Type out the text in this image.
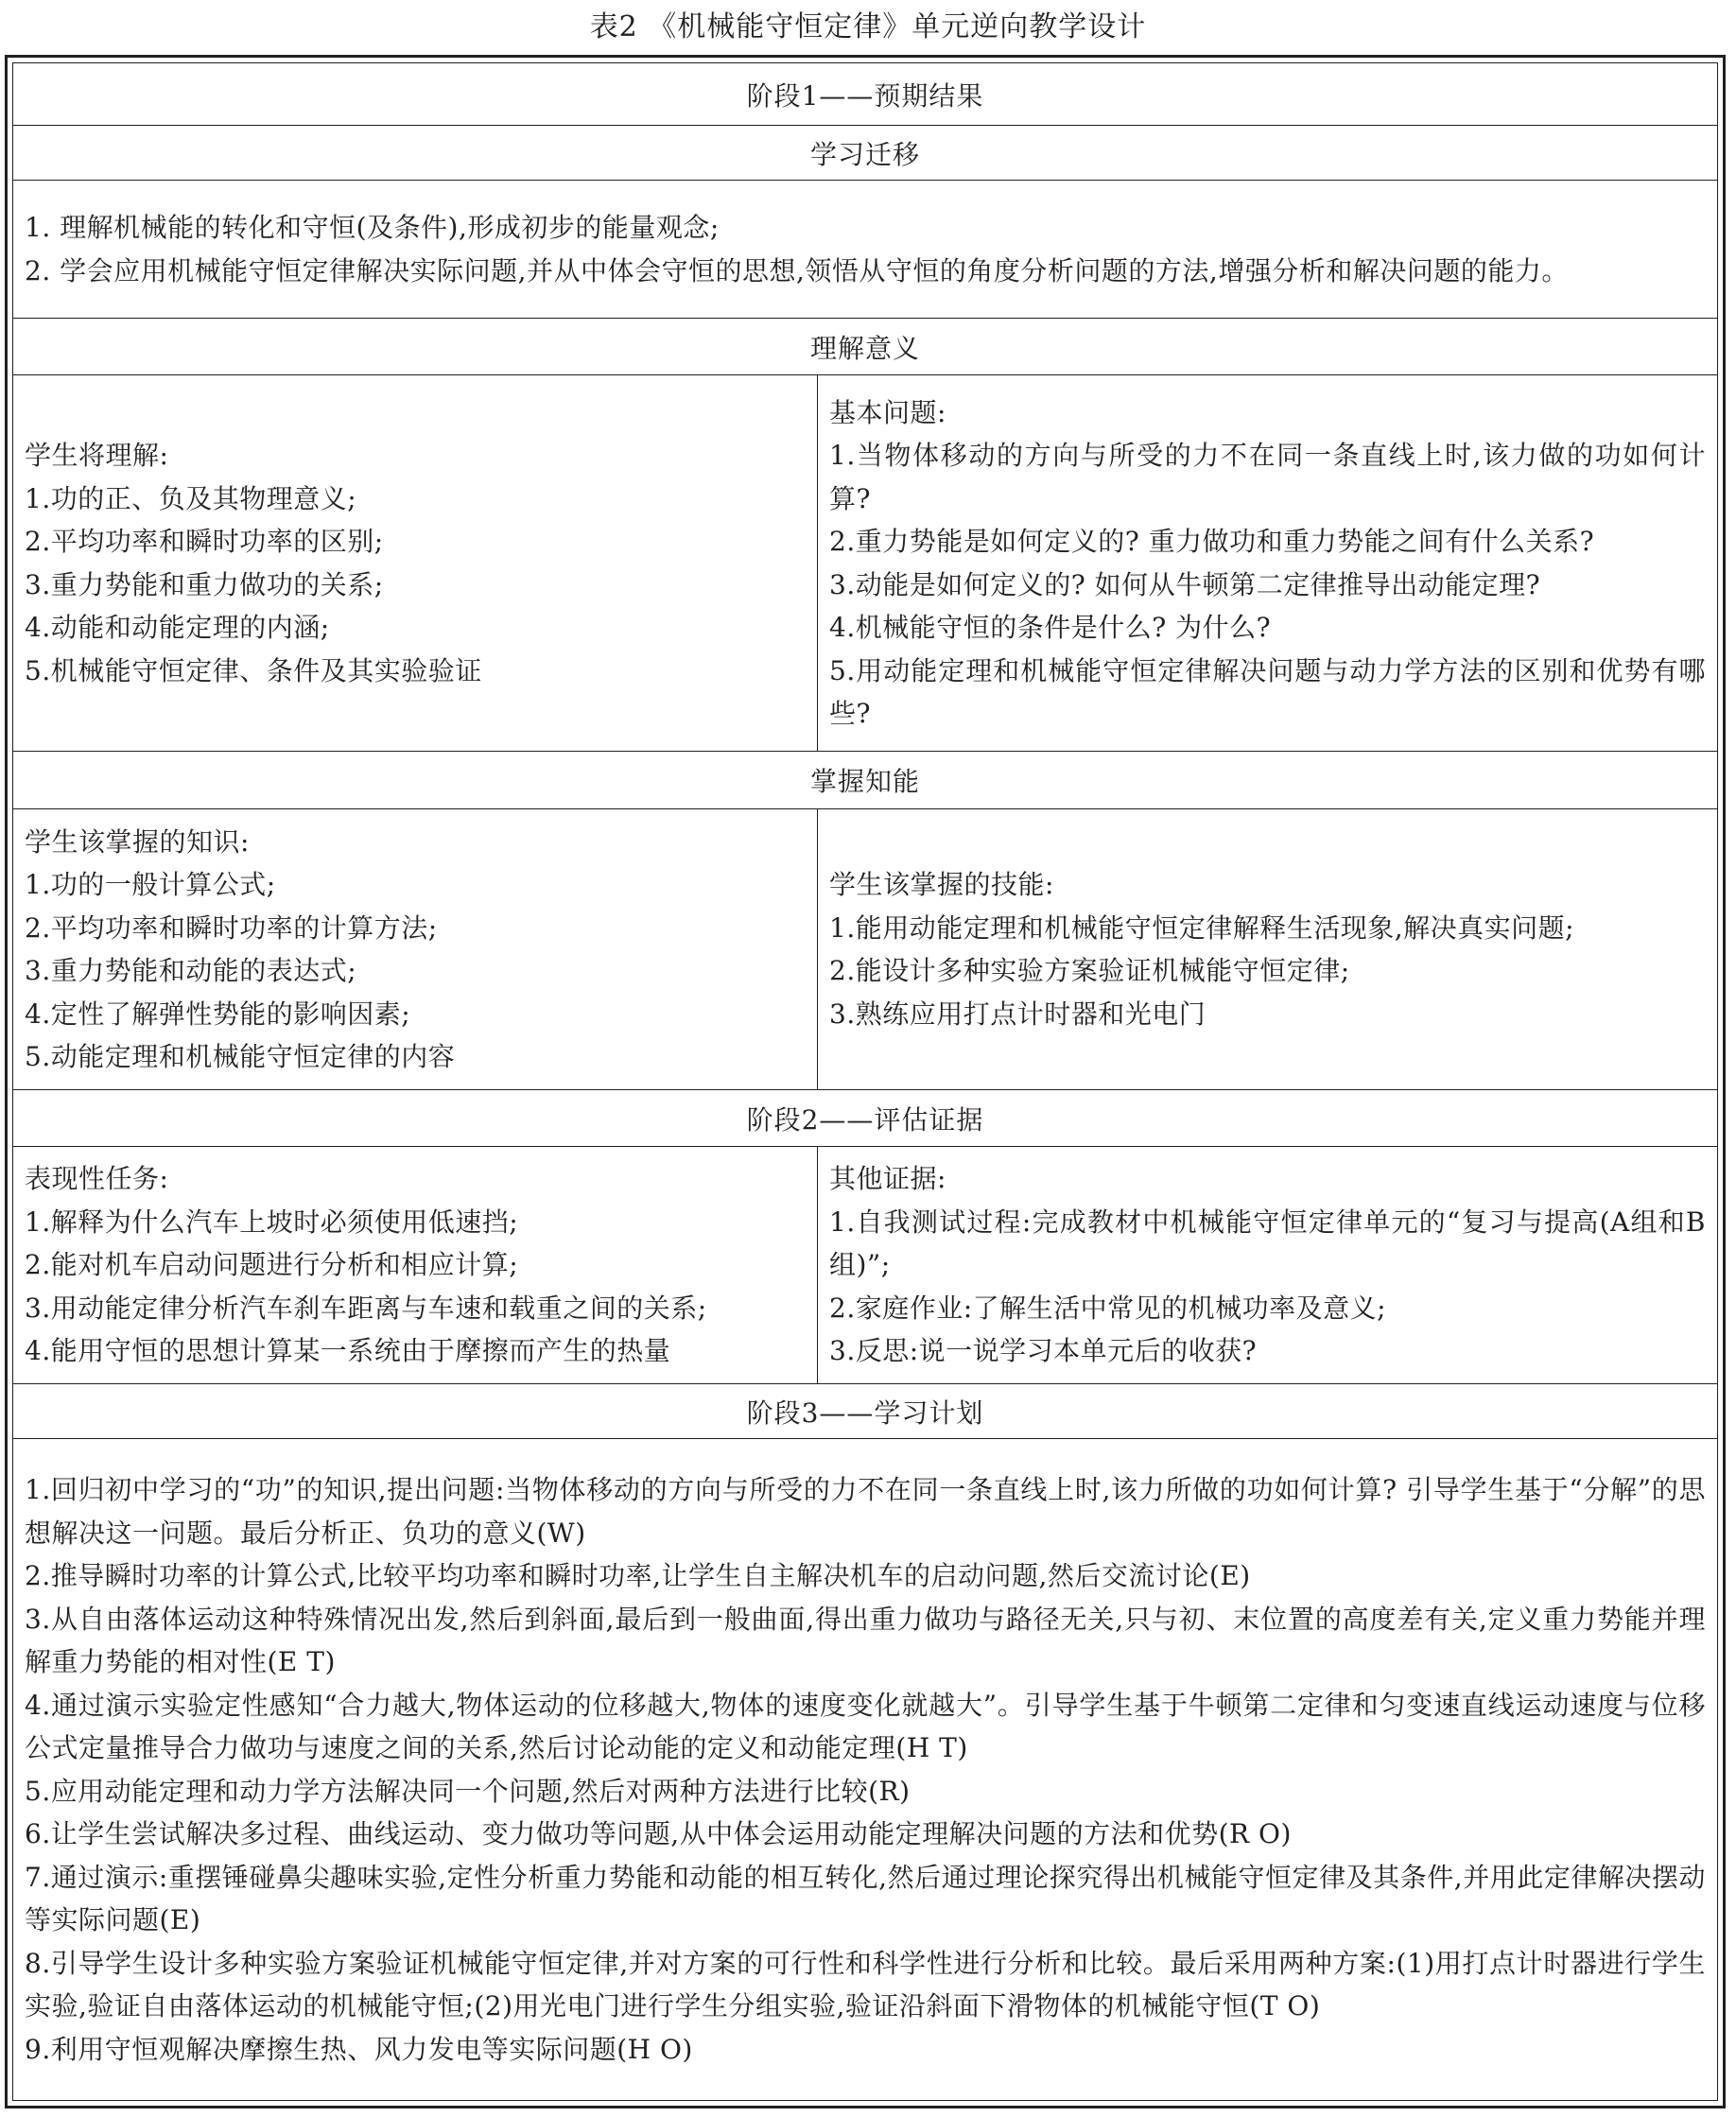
表2 《机械能守恒定律》单元逆向教学设计
阶段1——预期结果
学习迁移
1. 理解机械能的转化和守恒(及条件),形成初步的能量观念;
2. 学会应用机械能守恒定律解决实际问题,并从中体会守恒的思想,领悟从守恒的角度分析问题的方法,增强分析和解决问题的能力。
理解意义
学生将理解:
1.功的正、负及其物理意义;
2.平均功率和瞬时功率的区别;
3.重力势能和重力做功的关系;
4.动能和动能定理的内涵;
5.机械能守恒定律、条件及其实验验证
基本问题:
1.当物体移动的方向与所受的力不在同一条直线上时,该力做的功如何计算?
2.重力势能是如何定义的? 重力做功和重力势能之间有什么关系?
3.动能是如何定义的? 如何从牛顿第二定律推导出动能定理?
4.机械能守恒的条件是什么? 为什么?
5.用动能定理和机械能守恒定律解决问题与动力学方法的区别和优势有哪些?
掌握知能
学生该掌握的知识:
1.功的一般计算公式;
2.平均功率和瞬时功率的计算方法;
3.重力势能和动能的表达式;
4.定性了解弹性势能的影响因素;
5.动能定理和机械能守恒定律的内容
学生该掌握的技能:
1.能用动能定理和机械能守恒定律解释生活现象,解决真实问题;
2.能设计多种实验方案验证机械能守恒定律;
3.熟练应用打点计时器和光电门
阶段2——评估证据
表现性任务:
1.解释为什么汽车上坡时必须使用低速挡;
2.能对机车启动问题进行分析和相应计算;
3.用动能定律分析汽车刹车距离与车速和载重之间的关系;
4.能用守恒的思想计算某一系统由于摩擦而产生的热量
其他证据:
1.自我测试过程:完成教材中机械能守恒定律单元的“复习与提高(A组和B组)”;
2.家庭作业:了解生活中常见的机械功率及意义;
3.反思:说一说学习本单元后的收获?
阶段3——学习计划
1.回归初中学习的“功”的知识,提出问题:当物体移动的方向与所受的力不在同一条直线上时,该力所做的功如何计算? 引导学生基于“分解”的思想解决这一问题。最后分析正、负功的意义(W)
2.推导瞬时功率的计算公式,比较平均功率和瞬时功率,让学生自主解决机车的启动问题,然后交流讨论(E)
3.从自由落体运动这种特殊情况出发,然后到斜面,最后到一般曲面,得出重力做功与路径无关,只与初、末位置的高度差有关,定义重力势能并理解重力势能的相对性(E T)
4.通过演示实验定性感知“合力越大,物体运动的位移越大,物体的速度变化就越大”。引导学生基于牛顿第二定律和匀变速直线运动速度与位移公式定量推导合力做功与速度之间的关系,然后讨论动能的定义和动能定理(H T)
5.应用动能定理和动力学方法解决同一个问题,然后对两种方法进行比较(R)
6.让学生尝试解决多过程、曲线运动、变力做功等问题,从中体会运用动能定理解决问题的方法和优势(R O)
7.通过演示:重摆锤碰鼻尖趣味实验,定性分析重力势能和动能的相互转化,然后通过理论探究得出机械能守恒定律及其条件,并用此定律解决摆动等实际问题(E)
8.引导学生设计多种实验方案验证机械能守恒定律,并对方案的可行性和科学性进行分析和比较。最后采用两种方案:(1)用打点计时器进行学生实验,验证自由落体运动的机械能守恒;(2)用光电门进行学生分组实验,验证沿斜面下滑物体的机械能守恒(T O)
9.利用守恒观解决摩擦生热、风力发电等实际问题(H O)
